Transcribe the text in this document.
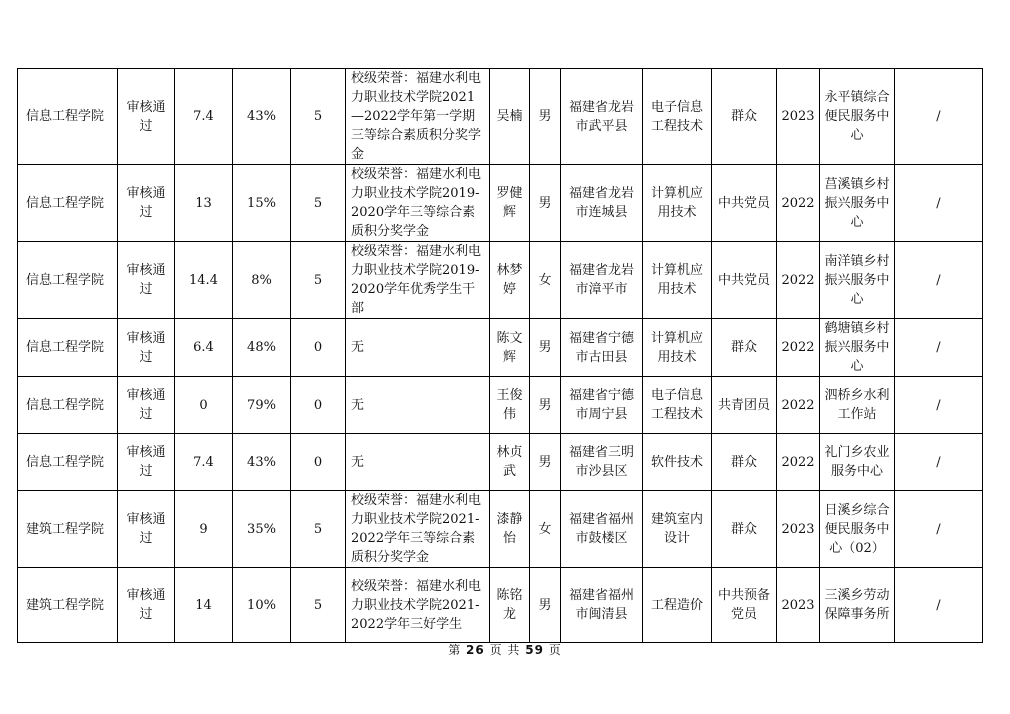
信息工程学院	审核通过	7.4	43%	5	校级荣誉：福建水利电力职业技术学院2021—2022学年第一学期三等综合素质积分奖学金	吴楠	男	福建省龙岩市武平县	电子信息工程技术	群众	2023	永平镇综合便民服务中心	/
信息工程学院	审核通过	13	15%	5	校级荣誉：福建水利电力职业技术学院2019-2020学年三等综合素质积分奖学金	罗健辉	男	福建省龙岩市连城县	计算机应用技术	中共党员	2022	莒溪镇乡村振兴服务中心	/
信息工程学院	审核通过	14.4	8%	5	校级荣誉：福建水利电力职业技术学院2019-2020学年优秀学生干部	林梦婷	女	福建省龙岩市漳平市	计算机应用技术	中共党员	2022	南洋镇乡村振兴服务中心	/
信息工程学院	审核通过	6.4	48%	0	无	陈文辉	男	福建省宁德市古田县	计算机应用技术	群众	2022	鹤塘镇乡村振兴服务中心	/
信息工程学院	审核通过	0	79%	0	无	王俊伟	男	福建省宁德市周宁县	电子信息工程技术	共青团员	2022	泗桥乡水利工作站	/
信息工程学院	审核通过	7.4	43%	0	无	林贞武	男	福建省三明市沙县区	软件技术	群众	2022	礼门乡农业服务中心	/
建筑工程学院	审核通过	9	35%	5	校级荣誉：福建水利电力职业技术学院2021-2022学年三等综合素质积分奖学金	漆静怡	女	福建省福州市鼓楼区	建筑室内设计	群众	2023	日溪乡综合便民服务中心（02）	/
建筑工程学院	审核通过	14	10%	5	校级荣誉：福建水利电力职业技术学院2021-2022学年三好学生	陈铭龙	男	福建省福州市闽清县	工程造价	中共预备党员	2023	三溪乡劳动保障事务所	/
第 26 页 共 59 页
